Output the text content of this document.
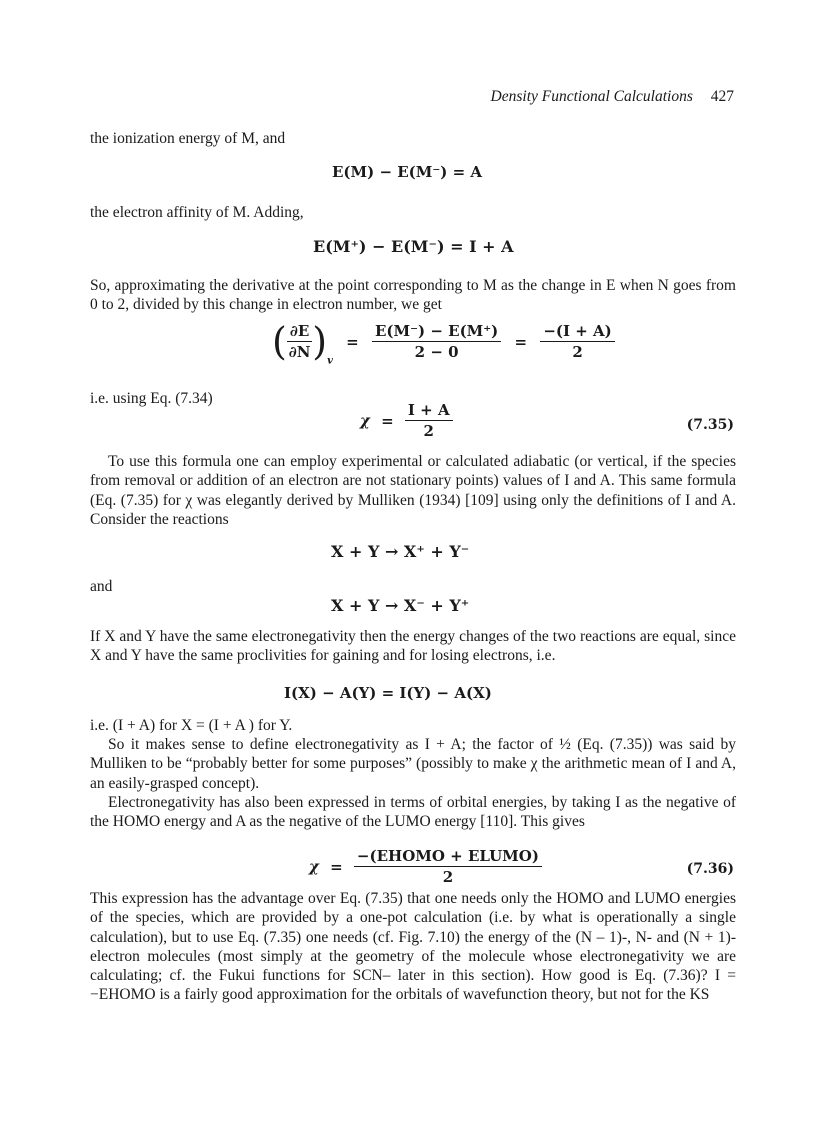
Density Functional Calculations 427
the ionization energy of M, and
E(M) − E(M⁻) = A
the electron affinity of M. Adding,
E(M⁺) − E(M⁻) = I + A
So, approximating the derivative at the point corresponding to M as the change in E when N goes from 0 to 2, divided by this change in electron number, we get
( $\frac{\partial E}{\partial N} )_v = \frac{E(M^-) - E(M^+)}{2 - 0} = \frac{-(I + A)}{2}$
i.e. using Eq. (7.34)
$\chi = \frac{I + A}{2}$	(7.35)
To use this formula one can employ experimental or calculated adiabatic (or vertical, if the species from removal or addition of an electron are not stationary points) values of I and A. This same formula (Eq. (7.35) for χ was elegantly derived by Mulliken (1934) [109] using only the definitions of I and A. Consider the reactions
X + Y → X⁺ + Y⁻
and
X + Y → X⁻ + Y⁺
If X and Y have the same electronegativity then the energy changes of the two reactions are equal, since X and Y have the same proclivities for gaining and for losing electrons, i.e.
I(X) − A(Y) = I(Y) − A(X)
i.e. (I + A) for X = (I + A ) for Y.
So it makes sense to define electronegativity as I + A; the factor of ½ (Eq. (7.35)) was said by Mulliken to be “probably better for some purposes” (possibly to make χ the arithmetic mean of I and A, an easily-grasped concept).
Electronegativity has also been expressed in terms of orbital energies, by taking I as the negative of the HOMO energy and A as the negative of the LUMO energy [110]. This gives
$\chi = \frac{\text{−(EHOMO + ELUMO)}}{2}$	(7.36)
This expression has the advantage over Eq. (7.35) that one needs only the HOMO and LUMO energies of the species, which are provided by a one-pot calculation (i.e. by what is operationally a single calculation), but to use Eq. (7.35) one needs (cf. Fig. 7.10) the energy of the (N – 1)-, N- and (N + 1)-electron molecules (most simply at the geometry of the molecule whose electronegativity we are calculating; cf. the Fukui functions for SCN– later in this section). How good is Eq. (7.36)? I = −EHOMO is a fairly good approximation for the orbitals of wavefunction theory, but not for the KS
